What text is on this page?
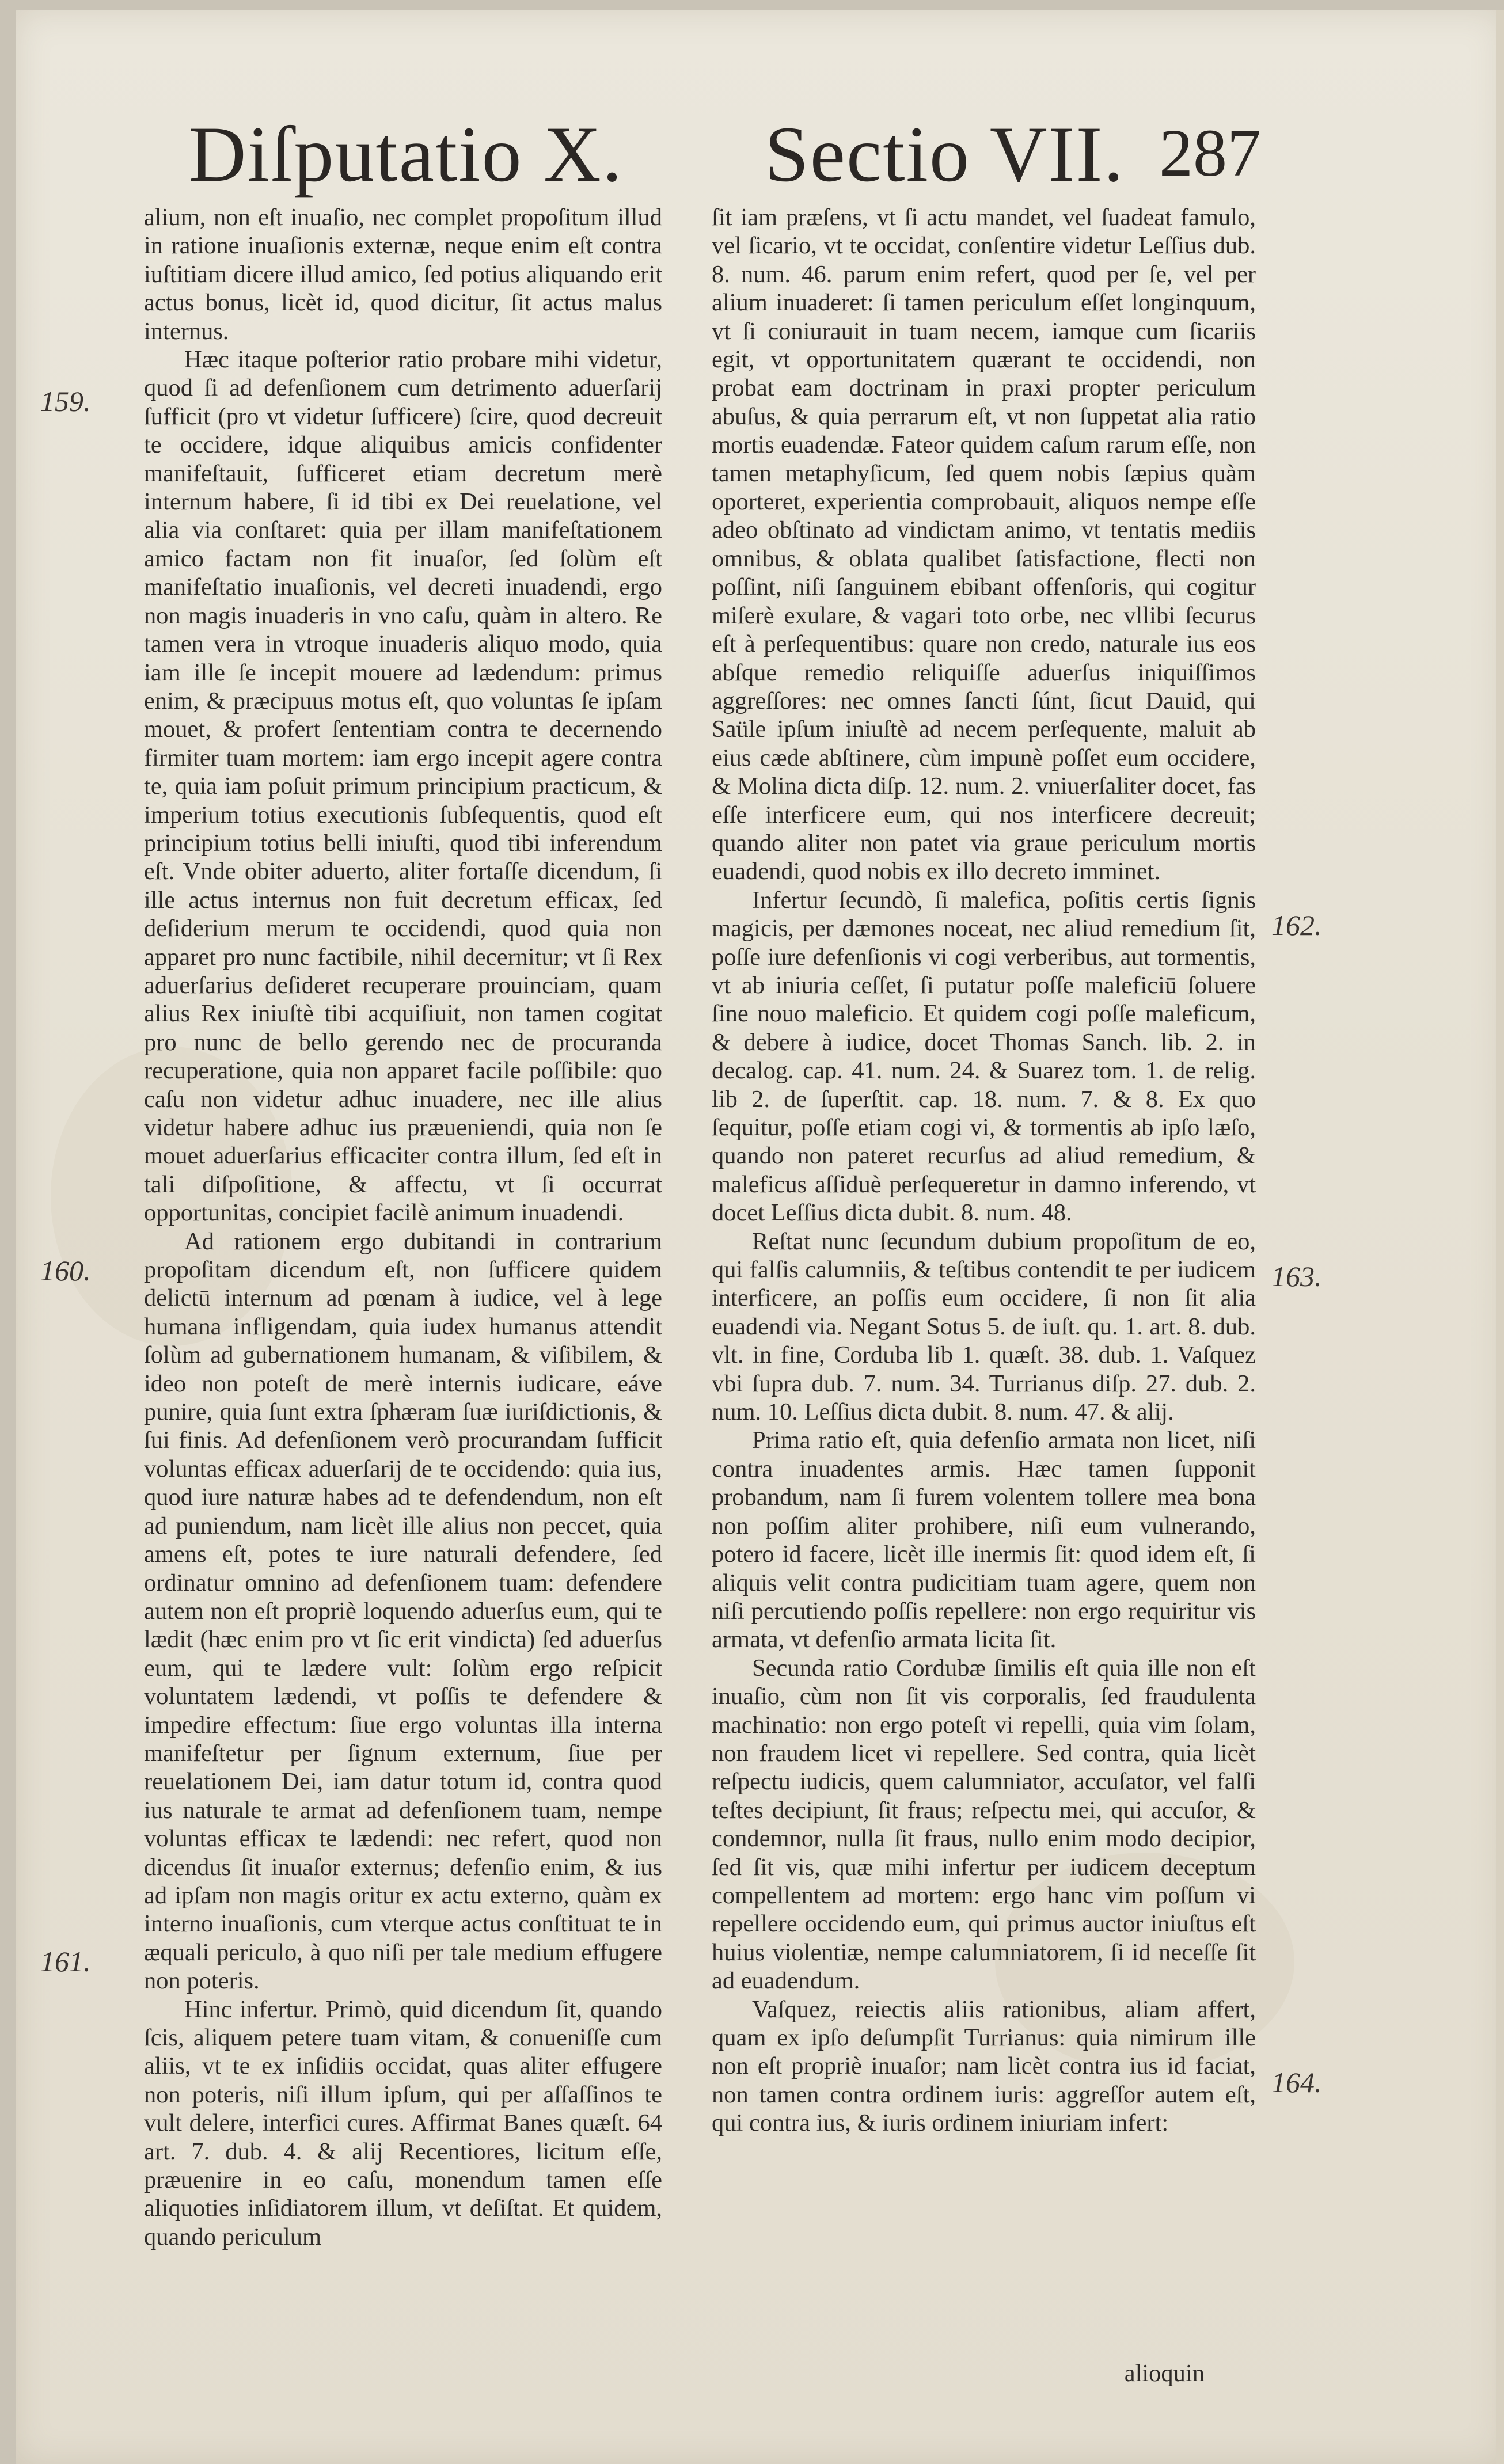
Diſputatio X. Sectio VII. 287
159.
160.
161.
162.
163.
164.

alium, non eſt inuaſio, nec complet propoſitum illud in ratione inuaſionis externæ, neque enim eſt contra iuſtitiam dicere illud amico, ſed potius aliquando erit actus bonus, licèt id, quod dicitur, ſit actus malus internus.

Hæc itaque poſterior ratio probare mihi videtur, quod ſi ad defenſionem cum detrimento aduerſarij ſufficit (pro vt videtur ſufficere) ſcire, quod decreuit te occidere, idque aliquibus amicis confidenter manifeſtauit, ſufficeret etiam decretum merè internum habere, ſi id tibi ex Dei reuelatione, vel alia via conſtaret: quia per illam manifeſtationem amico factam non fit inuaſor, ſed ſolùm eſt manifeſtatio inuaſionis, vel decreti inuadendi, ergo non magis inuaderis in vno caſu, quàm in altero. Re tamen vera in vtroque inuaderis aliquo modo, quia iam ille ſe incepit mouere ad lædendum: primus enim, & præcipuus motus eſt, quo voluntas ſe ipſam mouet, & profert ſententiam contra te decernendo firmiter tuam mortem: iam ergo incepit agere contra te, quia iam poſuit primum principium practicum, & imperium totius executionis ſubſequentis, quod eſt principium totius belli iniuſti, quod tibi inferendum eſt. Vnde obiter aduerto, aliter fortaſſe dicendum, ſi ille actus internus non fuit decretum efficax, ſed deſiderium merum te occidendi, quod quia non apparet pro nunc factibile, nihil decernitur; vt ſi Rex aduerſarius deſideret recuperare prouinciam, quam alius Rex iniuſtè tibi acquiſiuit, non tamen cogitat pro nunc de bello gerendo nec de procuranda recuperatione, quia non apparet facile poſſibile: quo caſu non videtur adhuc inuadere, nec ille alius videtur habere adhuc ius præueniendi, quia non ſe mouet aduerſarius efficaciter contra illum, ſed eſt in tali diſpoſitione, & affectu, vt ſi occurrat opportunitas, concipiet facilè animum inuadendi.

Ad rationem ergo dubitandi in contrarium propoſitam dicendum eſt, non ſufficere quidem delictū internum ad pœnam à iudice, vel à lege humana infligendam, quia iudex humanus attendit ſolùm ad gubernationem humanam, & viſibilem, & ideo non poteſt de merè internis iudicare, eáve punire, quia ſunt extra ſphæram ſuæ iuriſdictionis, & ſui finis. Ad defenſionem verò procurandam ſufficit voluntas efficax aduerſarij de te occidendo: quia ius, quod iure naturæ habes ad te defendendum, non eſt ad puniendum, nam licèt ille alius non peccet, quia amens eſt, potes te iure naturali defendere, ſed ordinatur omnino ad defenſionem tuam: defendere autem non eſt propriè loquendo aduerſus eum, qui te lædit (hæc enim pro vt ſic erit vindicta) ſed aduerſus eum, qui te lædere vult: ſolùm ergo reſpicit voluntatem lædendi, vt poſſis te defendere & impedire effectum: ſiue ergo voluntas illa interna manifeſtetur per ſignum externum, ſiue per reuelationem Dei, iam datur totum id, contra quod ius naturale te armat ad defenſionem tuam, nempe voluntas efficax te lædendi: nec refert, quod non dicendus ſit inuaſor externus; defenſio enim, & ius ad ipſam non magis oritur ex actu externo, quàm ex interno inuaſionis, cum vterque actus conſtituat te in æquali periculo, à quo niſi per tale medium effugere non poteris.

Hinc infertur. Primò, quid dicendum ſit, quando ſcis, aliquem petere tuam vitam, & conueniſſe cum aliis, vt te ex inſidiis occidat, quas aliter effugere non poteris, niſi illum ipſum, qui per aſſaſſinos te vult delere, interfici cures. Affirmat Banes quæſt. 64 art. 7. dub. 4. & alij Recentiores, licitum eſſe, præuenire in eo caſu, monendum tamen eſſe aliquoties inſidiatorem illum, vt deſiſtat. Et quidem, quando periculum

ſit iam præſens, vt ſi actu mandet, vel ſuadeat famulo, vel ſicario, vt te occidat, conſentire videtur Leſſius dub. 8. num. 46. parum enim refert, quod per ſe, vel per alium inuaderet: ſi tamen periculum eſſet longinquum, vt ſi coniurauit in tuam necem, iamque cum ſicariis egit, vt opportunitatem quærant te occidendi, non probat eam doctrinam in praxi propter periculum abuſus, & quia perrarum eſt, vt non ſuppetat alia ratio mortis euadendæ. Fateor quidem caſum rarum eſſe, non tamen metaphyſicum, ſed quem nobis ſæpius quàm oporteret, experientia comprobauit, aliquos nempe eſſe adeo obſtinato ad vindictam animo, vt tentatis mediis omnibus, & oblata qualibet ſatisfactione, flecti non poſſint, niſi ſanguinem ebibant offenſoris, qui cogitur miſerè exulare, & vagari toto orbe, nec vllibi ſecurus eſt à perſequentibus: quare non credo, naturale ius eos abſque remedio reliquiſſe aduerſus iniquiſſimos aggreſſores: nec omnes ſancti ſúnt, ſicut Dauid, qui Saüle ipſum iniuſtè ad necem perſequente, maluit ab eius cæde abſtinere, cùm impunè poſſet eum occidere, & Molina dicta diſp. 12. num. 2. vniuerſaliter docet, fas eſſe interficere eum, qui nos interficere decreuit; quando aliter non patet via graue periculum mortis euadendi, quod nobis ex illo decreto imminet.

Infertur ſecundò, ſi malefica, poſitis certis ſignis magicis, per dæmones noceat, nec aliud remedium ſit, poſſe iure defenſionis vi cogi verberibus, aut tormentis, vt ab iniuria ceſſet, ſi putatur poſſe maleficiū ſoluere ſine nouo maleficio. Et quidem cogi poſſe maleficum, & debere à iudice, docet Thomas Sanch. lib. 2. in decalog. cap. 41. num. 24. & Suarez tom. 1. de relig. lib 2. de ſuperſtit. cap. 18. num. 7. & 8. Ex quo ſequitur, poſſe etiam cogi vi, & tormentis ab ipſo læſo, quando non pateret recurſus ad aliud remedium, & maleficus aſſiduè perſequeretur in damno inferendo, vt docet Leſſius dicta dubit. 8. num. 48.

Reſtat nunc ſecundum dubium propoſitum de eo, qui falſis calumniis, & teſtibus contendit te per iudicem interficere, an poſſis eum occidere, ſi non ſit alia euadendi via. Negant Sotus 5. de iuſt. qu. 1. art. 8. dub. vlt. in fine, Corduba lib 1. quæſt. 38. dub. 1. Vaſquez vbi ſupra dub. 7. num. 34. Turrianus diſp. 27. dub. 2. num. 10. Leſſius dicta dubit. 8. num. 47. & alij.

Prima ratio eſt, quia defenſio armata non licet, niſi contra inuadentes armis. Hæc tamen ſupponit probandum, nam ſi furem volentem tollere mea bona non poſſim aliter prohibere, niſi eum vulnerando, potero id facere, licèt ille inermis ſit: quod idem eſt, ſi aliquis velit contra pudicitiam tuam agere, quem non niſi percutiendo poſſis repellere: non ergo requiritur vis armata, vt defenſio armata licita ſit.

Secunda ratio Cordubæ ſimilis eſt quia ille non eſt inuaſio, cùm non ſit vis corporalis, ſed fraudulenta machinatio: non ergo poteſt vi repelli, quia vim ſolam, non fraudem licet vi repellere. Sed contra, quia licèt reſpectu iudicis, quem calumniator, accuſator, vel falſi teſtes decipiunt, ſit fraus; reſpectu mei, qui accuſor, & condemnor, nulla ſit fraus, nullo enim modo decipior, ſed ſit vis, quæ mihi infertur per iudicem deceptum compellentem ad mortem: ergo hanc vim poſſum vi repellere occidendo eum, qui primus auctor iniuſtus eſt huius violentiæ, nempe calumniatorem, ſi id neceſſe ſit ad euadendum.

Vaſquez, reiectis aliis rationibus, aliam affert, quam ex ipſo deſumpſit Turrianus: quia nimirum ille non eſt propriè inuaſor; nam licèt contra ius id faciat, non tamen contra ordinem iuris: aggreſſor autem eſt, qui contra ius, & iuris ordinem iniuriam infert:

alioquin
